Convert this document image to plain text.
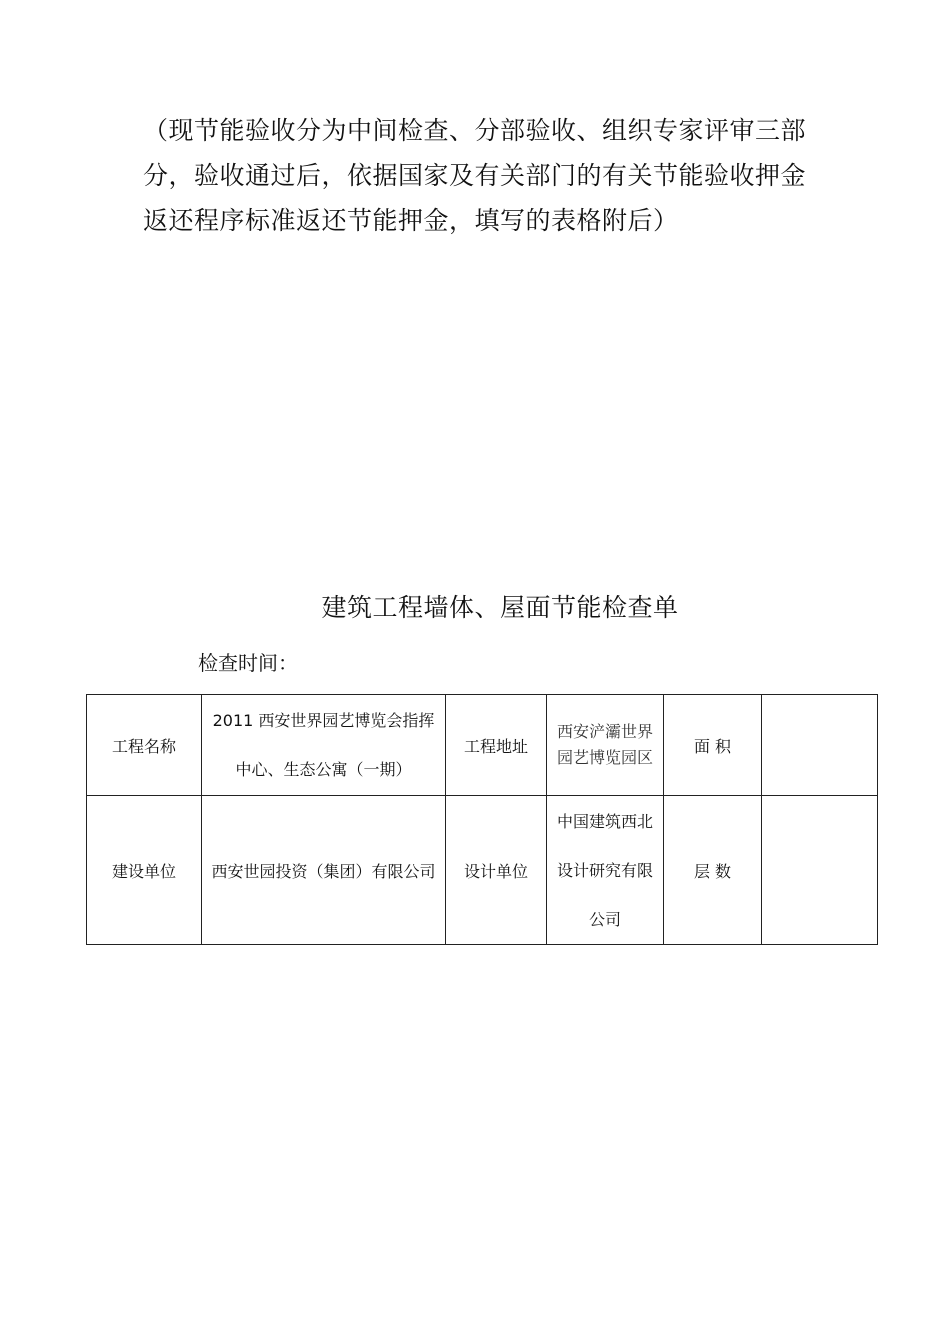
（现节能验收分为中间检查、分部验收、组织专家评审三部
分，验收通过后，依据国家及有关部门的有关节能验收押金
返还程序标准返还节能押金，填写的表格附后）
建筑工程墙体、屋面节能检查单
检查时间：
工程名称	2011 西安世界园艺博览会指挥中心、生态公寓（一期）	工程地址	西安浐灞世界园艺博览园区	面 积	
建设单位	西安世园投资（集团）有限公司	设计单位	中国建筑西北设计研究有限公司	层 数	
